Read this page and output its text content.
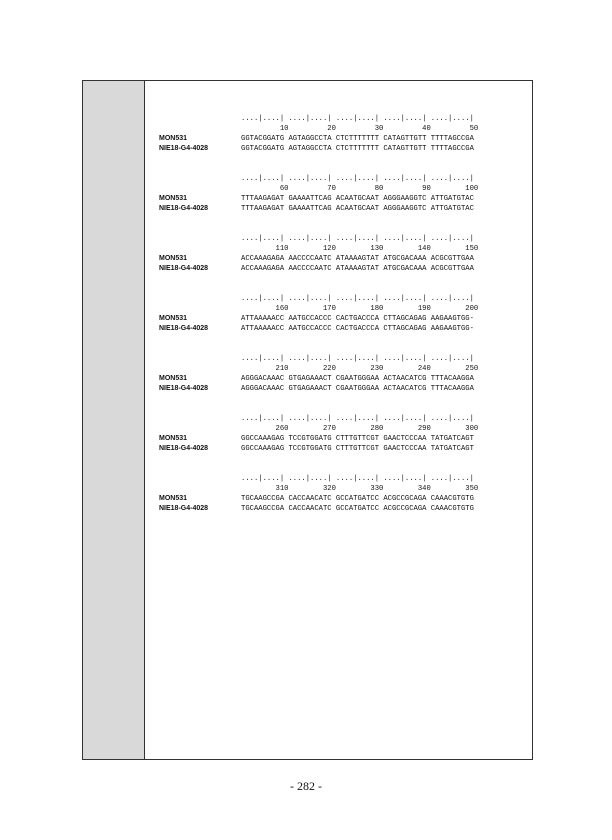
....|....| ....|....| ....|....| ....|....| ....|....|
10         20         30         40         50
MON531	GGTACGGATG AGTAGGCCTA CTCTTTTTTT CATAGTTGTT TTTTAGCCGA
NIE18-G4-4028	GGTACGGATG AGTAGGCCTA CTCTTTTTTT CATAGTTGTT TTTTAGCCGA
....|....| ....|....| ....|....| ....|....| ....|....|
60         70         80         90        100
MON531	TTTAAGAGAT GAAAATTCAG ACAATGCAAT AGGGAAGGTC ATTGATGTAC
NIE18-G4-4028	TTTAAGAGAT GAAAATTCAG ACAATGCAAT AGGGAAGGTC ATTGATGTAC
....|....| ....|....| ....|....| ....|....| ....|....|
110        120        130        140        150
MON531	ACCAAAGAGA AACCCCAATC ATAAAAGTAT ATGCGACAAA ACGCGTTGAA
NIE18-G4-4028	ACCAAAGAGA AACCCCAATC ATAAAAGTAT ATGCGACAAA ACGCGTTGAA
....|....| ....|....| ....|....| ....|....| ....|....|
160        170        180        190        200
MON531	ATTAAAAACC AATGCCACCC CACTGACCCA CTTAGCAGAG AAGAAGTGG-
NIE18-G4-4028	ATTAAAAACC AATGCCACCC CACTGACCCA CTTAGCAGAG AAGAAGTGG-
....|....| ....|....| ....|....| ....|....| ....|....|
210        220        230        240        250
MON531	AGGGACAAAC GTGAGAAACT CGAATGGGAA ACTAACATCG TTTACAAGGA
NIE18-G4-4028	AGGGACAAAC GTGAGAAACT CGAATGGGAA ACTAACATCG TTTACAAGGA
....|....| ....|....| ....|....| ....|....| ....|....|
260        270        280        290        300
MON531	GGCCAAAGAG TCCGTGGATG CTTTGTTCGT GAACTCCCAA TATGATCAGT
NIE18-G4-4028	GGCCAAAGAG TCCGTGGATG CTTTGTTCGT GAACTCCCAA TATGATCAGT
....|....| ....|....| ....|....| ....|....| ....|....|
310        320        330        340        350
MON531	TGCAAGCCGA CACCAACATC GCCATGATCC ACGCCGCAGA CAAACGTGTG
NIE18-G4-4028	TGCAAGCCGA CACCAACATC GCCATGATCC ACGCCGCAGA CAAACGTGTG
- 282 -
